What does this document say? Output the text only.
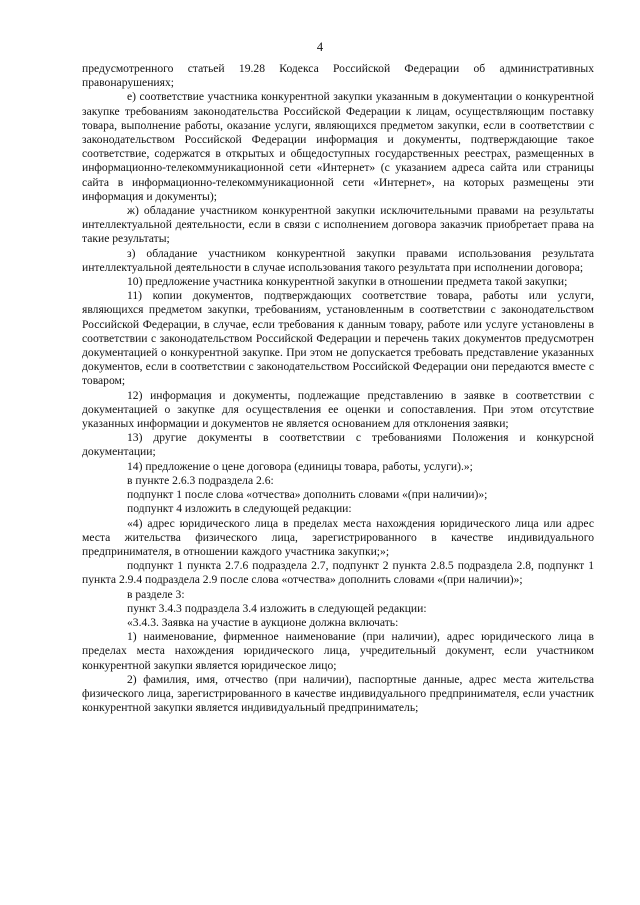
4

предусмотренного статьей 19.28 Кодекса Российской Федерации об административных правонарушениях;

е) соответствие участника конкурентной закупки указанным в документации о конкурентной закупке требованиям законодательства Российской Федерации к лицам, осуществляющим поставку товара, выполнение работы, оказание услуги, являющихся предметом закупки, если в соответствии с законодательством Российской Федерации информация и документы, подтверждающие такое соответствие, содержатся в открытых и общедоступных государственных реестрах, размещенных в информационно-телекоммуникационной сети «Интернет» (с указанием адреса сайта или страницы сайта в информационно-телекоммуникационной сети «Интернет», на которых размещены эти информация и документы);

ж) обладание участником конкурентной закупки исключительными правами на результаты интеллектуальной деятельности, если в связи с исполнением договора заказчик приобретает права на такие результаты;

з) обладание участником конкурентной закупки правами использования результата интеллектуальной деятельности в случае использования такого результата при исполнении договора;

10) предложение участника конкурентной закупки в отношении предмета такой закупки;

11) копии документов, подтверждающих соответствие товара, работы или услуги, являющихся предметом закупки, требованиям, установленным в соответствии с законодательством Российской Федерации, в случае, если требования к данным товару, работе или услуге установлены в соответствии с законодательством Российской Федерации и перечень таких документов предусмотрен документацией о конкурентной закупке. При этом не допускается требовать представление указанных документов, если в соответствии с законодательством Российской Федерации они передаются вместе с товаром;

12) информация и документы, подлежащие представлению в заявке в соответствии с документацией о закупке для осуществления ее оценки и сопоставления. При этом отсутствие указанных информации и документов не является основанием для отклонения заявки;

13) другие документы в соответствии с требованиями Положения и конкурсной документации;

14) предложение о цене договора (единицы товара, работы, услуги).»;

в пункте 2.6.3 подраздела 2.6:

подпункт 1 после слова «отчества» дополнить словами «(при наличии)»;

подпункт 4 изложить в следующей редакции:

«4) адрес юридического лица в пределах места нахождения юридического лица или адрес места жительства физического лица, зарегистрированного в качестве индивидуального предпринимателя, в отношении каждого участника закупки;»;

подпункт 1 пункта 2.7.6 подраздела 2.7, подпункт 2 пункта 2.8.5 подраздела 2.8, подпункт 1 пункта 2.9.4 подраздела 2.9 после слова «отчества» дополнить словами «(при наличии)»;

в разделе 3:

пункт 3.4.3 подраздела 3.4 изложить в следующей редакции:

«3.4.3. Заявка на участие в аукционе должна включать:

1) наименование, фирменное наименование (при наличии), адрес юридического лица в пределах места нахождения юридического лица, учредительный документ, если участником конкурентной закупки является юридическое лицо;

2) фамилия, имя, отчество (при наличии), паспортные данные, адрес места жительства физического лица, зарегистрированного в качестве индивидуального предпринимателя, если участник конкурентной закупки является индивидуальный предприниматель;
